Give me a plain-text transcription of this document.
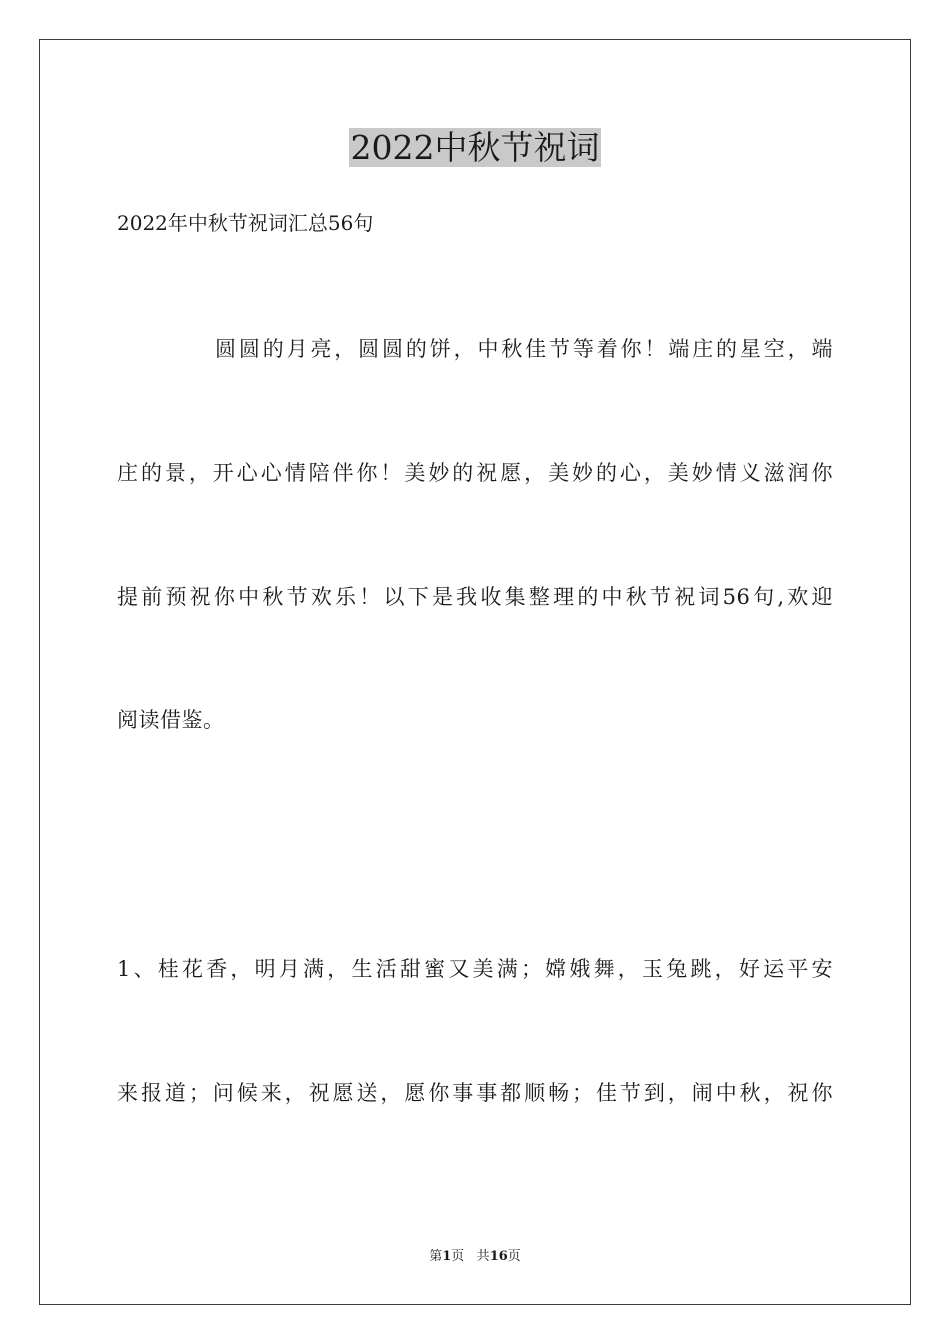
2022中秋节祝词

2022年中秋节祝词汇总56句

圆圆的月亮，圆圆的饼，中秋佳节等着你！端庄的星空，端

庄的景，开心心情陪伴你！美妙的祝愿，美妙的心，美妙情义滋润你

提前预祝你中秋节欢乐！以下是我收集整理的中秋节祝词56句,欢迎

阅读借鉴。

1、桂花香，明月满，生活甜蜜又美满；嫦娥舞，玉兔跳，好运平安

来报道；问候来，祝愿送，愿你事事都顺畅；佳节到，闹中秋，祝你

第1页 共16页
